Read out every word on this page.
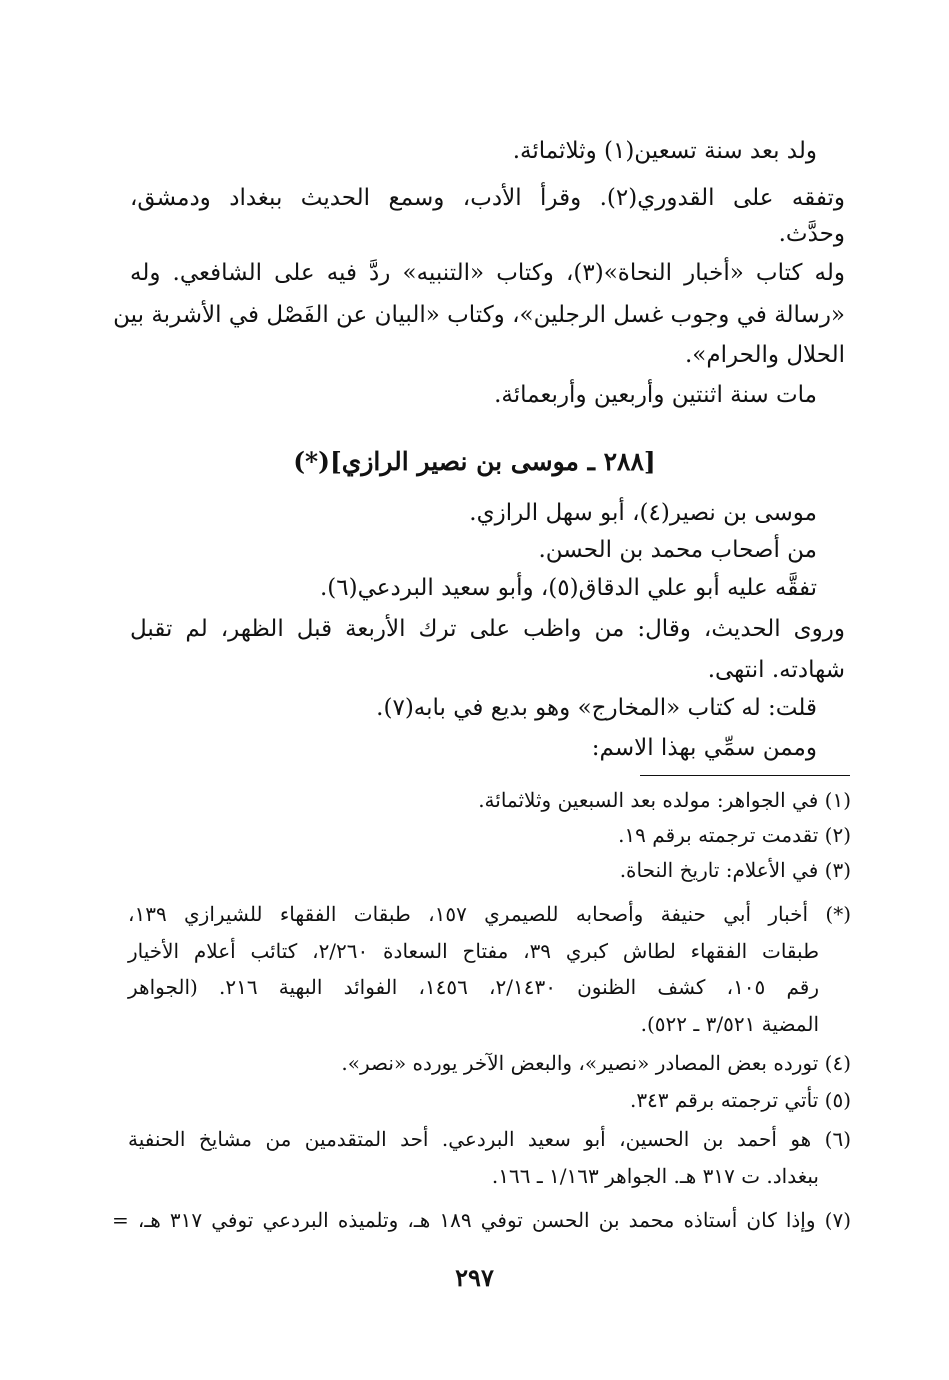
ولد بعد سنة تسعين(١) وثلاثمائة.
وتفقه على القدوري(٢). وقرأ الأدب، وسمع الحديث ببغداد ودمشق،
وحدَّث.
وله كتاب «أخبار النحاة»(٣)، وكتاب «التنبيه» ردَّ فيه على الشافعي. وله
«رسالة في وجوب غسل الرجلين»، وكتاب «البيان عن الفَصْل في الأشربة بين
الحلال والحرام».
مات سنة اثنتين وأربعين وأربعمائة.
[٢٨٨ ـ موسى بن نصير الرازي](*)
موسى بن نصير(٤)، أبو سهل الرازي.
من أصحاب محمد بن الحسن.
تفقَّه عليه أبو علي الدقاق(٥)، وأبو سعيد البردعي(٦).
وروى الحديث، وقال: من واظب على ترك الأربعة قبل الظهر، لم تقبل
شهادته. انتهى.
قلت: له كتاب «المخارج» وهو بديع في بابه(٧).
وممن سمِّي بهذا الاسم:
(١) في الجواهر: مولده بعد السبعين وثلاثمائة.
(٢) تقدمت ترجمته برقم ١٩.
(٣) في الأعلام: تاريخ النحاة.
(*) أخبار أبي حنيفة وأصحابه للصيمري ١٥٧، طبقات الفقهاء للشيرازي ١٣٩،
طبقات الفقهاء لطاش كبري ٣٩، مفتاح السعادة ٢/٢٦٠، كتائب أعلام الأخيار
رقم ١٠٥، كشف الظنون ٢/١٤٣٠، ١٤٥٦، الفوائد البهية ٢١٦. (الجواهر
المضية ٣/٥٢١ ـ ٥٢٢).
(٤) تورده بعض المصادر «نصير»، والبعض الآخر يورده «نصر».
(٥) تأتي ترجمته برقم ٣٤٣.
(٦) هو أحمد بن الحسين، أبو سعيد البردعي. أحد المتقدمين من مشايخ الحنفية
ببغداد. ت ٣١٧ هـ. الجواهر ١/١٦٣ ـ ١٦٦.
(٧) وإذا كان أستاذه محمد بن الحسن توفي ١٨٩ هـ، وتلميذه البردعي توفي ٣١٧ هـ، =
٢٩٧
